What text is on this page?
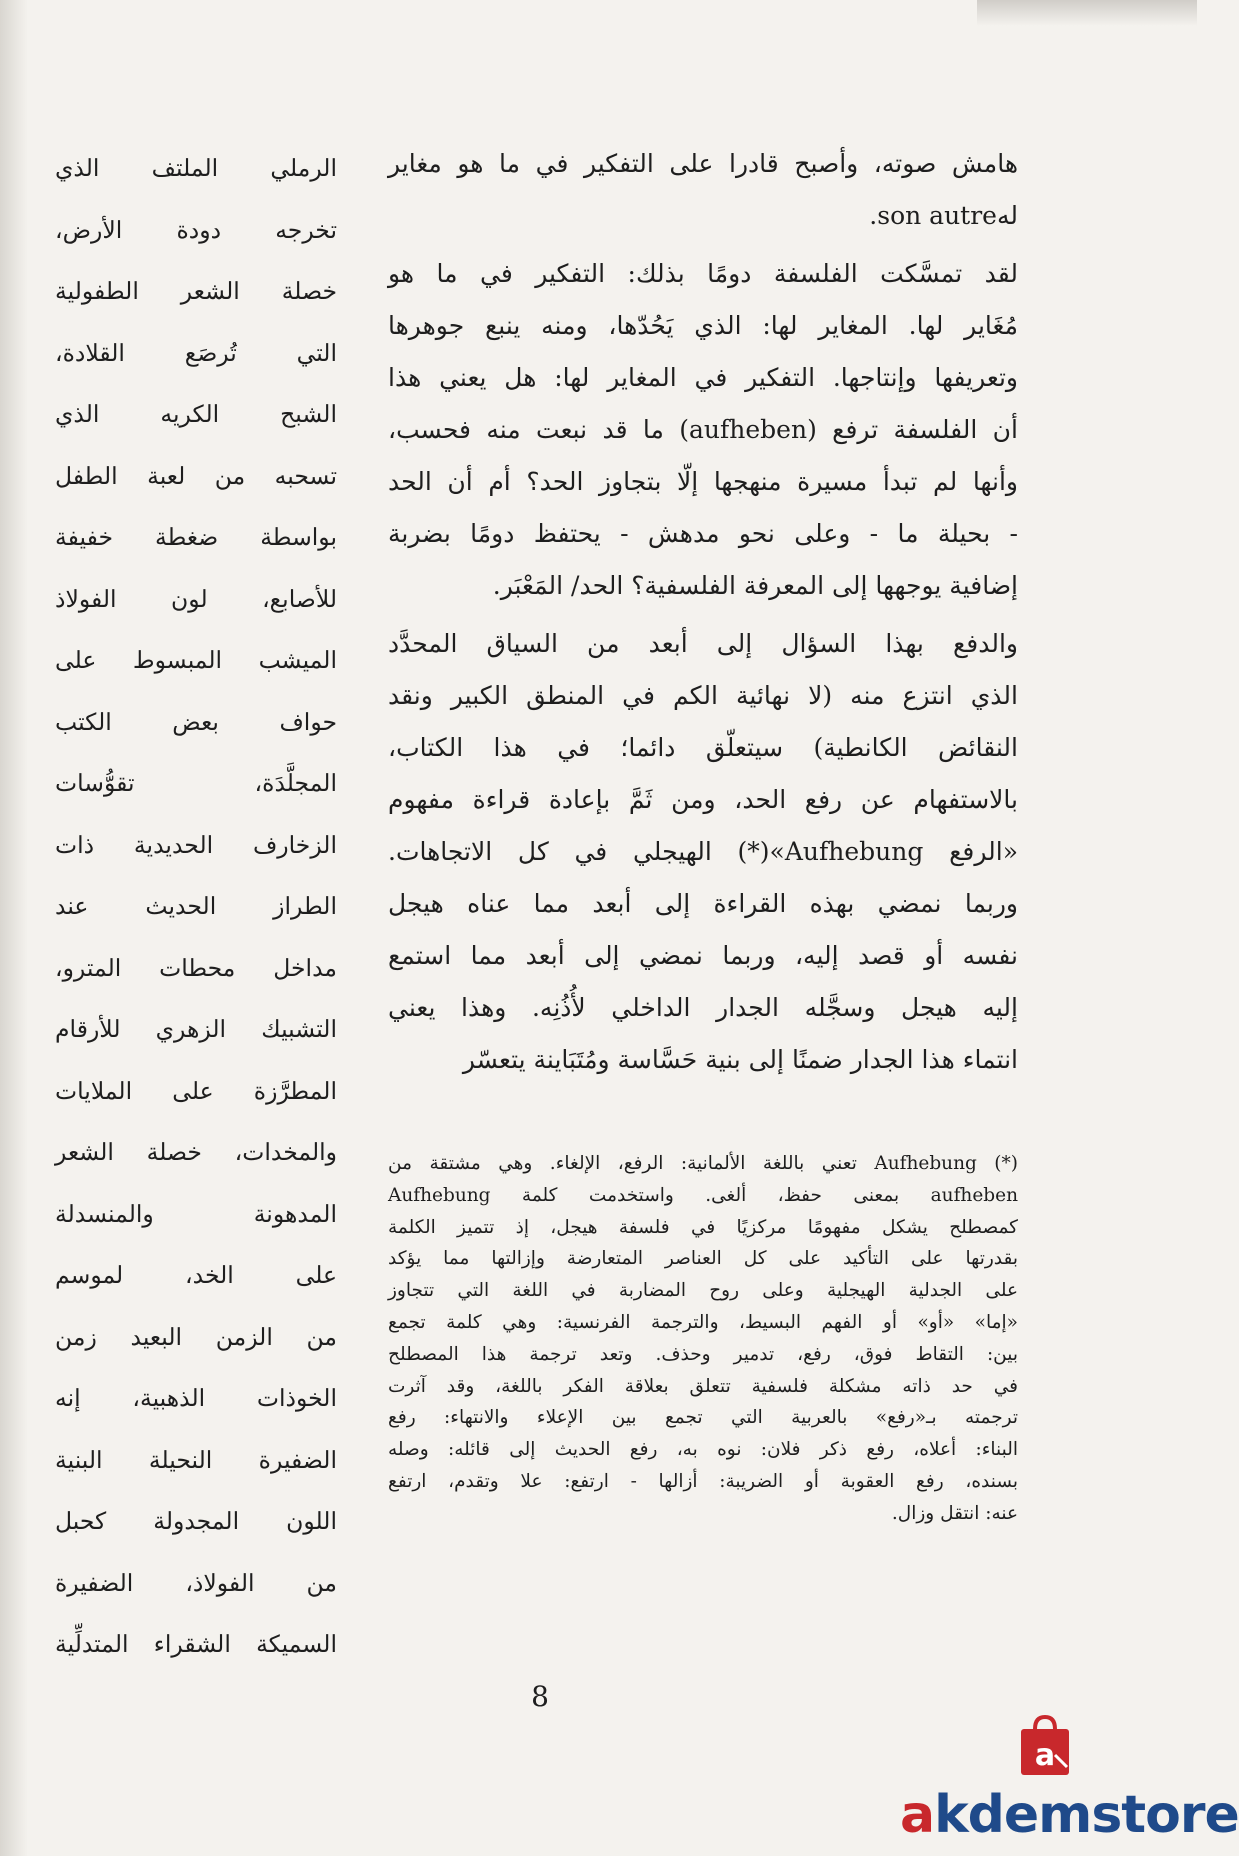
الرملي الملتف الذي
تخرجه دودة الأرض،
خصلة الشعر الطفولية
التي تُرصَع القلادة،
الشبح الكريه الذي
تسحبه من لعبة الطفل
بواسطة ضغطة خفيفة
للأصابع، لون الفولاذ
الميشب المبسوط على
حواف بعض الكتب
المجلَّدَة، تقوُّسات
الزخارف الحديدية ذات
الطراز الحديث عند
مداخل محطات المترو،
التشبيك الزهري للأرقام
المطرَّزة على الملايات
والمخدات، خصلة الشعر
المدهونة والمنسدلة
على الخد، لموسم
من الزمن البعيد زمن
الخوذات الذهبية، إنه
الضفيرة النحيلة البنية
اللون المجدولة كحبل
من الفولاذ، الضفيرة
السميكة الشقراء المتدلِّية
هامش صوته، وأصبح قادرا على التفكير في ما هو مغاير
لهson autre.
لقد تمسَّكت الفلسفة دومًا بذلك: التفكير في ما هو
مُغَاير لها. المغاير لها: الذي يَحُدّها، ومنه ينبع جوهرها
وتعريفها وإنتاجها. التفكير في المغاير لها: هل يعني هذا
أن الفلسفة ترفع (aufheben) ما قد نبعت منه فحسب،
وأنها لم تبدأ مسيرة منهجها إلّا بتجاوز الحد؟ أم أن الحد
- بحيلة ما - وعلى نحو مدهش - يحتفظ دومًا بضربة
إضافية يوجهها إلى المعرفة الفلسفية؟ الحد/ المَعْبَر.
والدفع بهذا السؤال إلى أبعد من السياق المحدَّد
الذي انتزع منه (لا نهائية الكم في المنطق الكبير ونقد
النقائض الكانطية) سيتعلّق دائما؛ في هذا الكتاب،
بالاستفهام عن رفع الحد، ومن ثَمَّ بإعادة قراءة مفهوم
«الرفع Aufhebung»(*) الهيجلي في كل الاتجاهات.
وربما نمضي بهذه القراءة إلى أبعد مما عناه هيجل
نفسه أو قصد إليه، وربما نمضي إلى أبعد مما استمع
إليه هيجل وسجَّله الجدار الداخلي لأُذُنِه. وهذا يعني
انتماء هذا الجدار ضمنًا إلى بنية حَسَّاسة ومُتَبَاينة يتعسّر
(*) Aufhebung تعني باللغة الألمانية: الرفع، الإلغاء. وهي مشتقة من
aufheben بمعنى حفظ، ألغى. واستخدمت كلمة Aufhebung
كمصطلح يشكل مفهومًا مركزيًا في فلسفة هيجل، إذ تتميز الكلمة
بقدرتها على التأكيد على كل العناصر المتعارضة وإزالتها مما يؤكد
على الجدلية الهيجلية وعلى روح المضاربة في اللغة التي تتجاوز
«إما» «أو» أو الفهم البسيط، والترجمة الفرنسية: وهي كلمة تجمع
بين: التقاط فوق، رفع، تدمير وحذف. وتعد ترجمة هذا المصطلح
في حد ذاته مشكلة فلسفية تتعلق بعلاقة الفكر باللغة، وقد آثرت
ترجمته بـ«رفع» بالعربية التي تجمع بين الإعلاء والانتهاء: رفع
البناء: أعلاه، رفع ذكر فلان: نوه به، رفع الحديث إلى قائله: وصله
بسنده، رفع العقوبة أو الضريبة: أزالها - ارتفع: علا وتقدم، ارتفع
عنه: انتقل وزال.
8
a
akdemstore
